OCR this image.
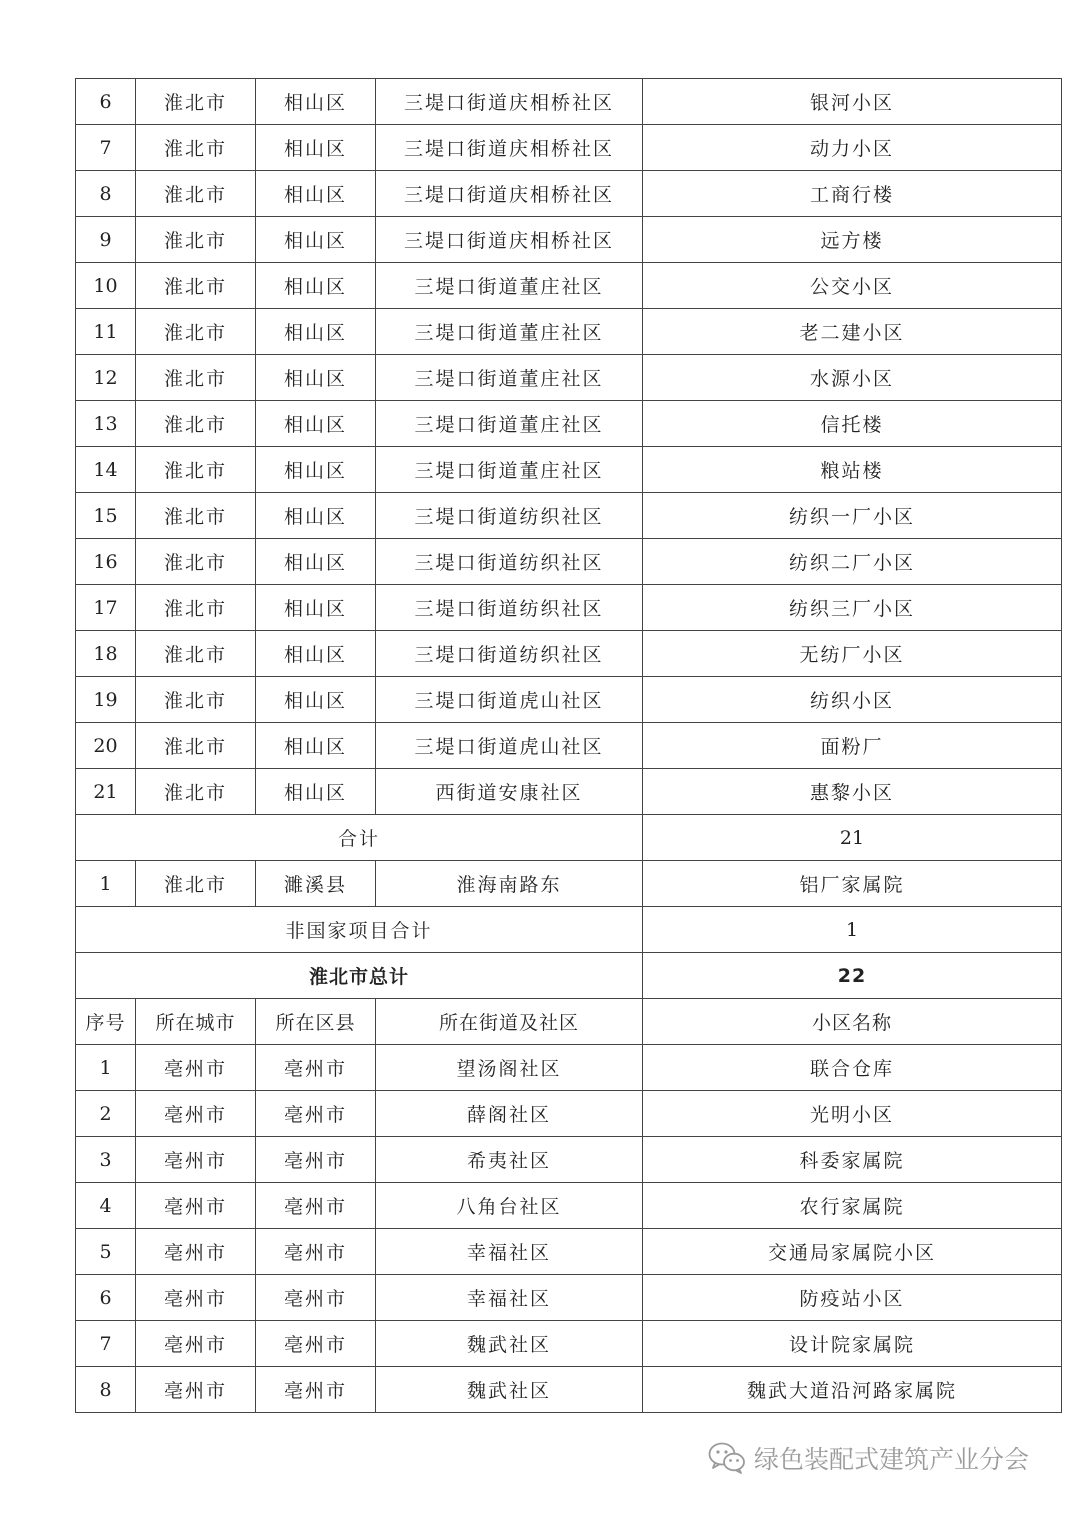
6	淮北市	相山区	三堤口街道庆相桥社区	银河小区
7	淮北市	相山区	三堤口街道庆相桥社区	动力小区
8	淮北市	相山区	三堤口街道庆相桥社区	工商行楼
9	淮北市	相山区	三堤口街道庆相桥社区	远方楼
10	淮北市	相山区	三堤口街道董庄社区	公交小区
11	淮北市	相山区	三堤口街道董庄社区	老二建小区
12	淮北市	相山区	三堤口街道董庄社区	水源小区
13	淮北市	相山区	三堤口街道董庄社区	信托楼
14	淮北市	相山区	三堤口街道董庄社区	粮站楼
15	淮北市	相山区	三堤口街道纺织社区	纺织一厂小区
16	淮北市	相山区	三堤口街道纺织社区	纺织二厂小区
17	淮北市	相山区	三堤口街道纺织社区	纺织三厂小区
18	淮北市	相山区	三堤口街道纺织社区	无纺厂小区
19	淮北市	相山区	三堤口街道虎山社区	纺织小区
20	淮北市	相山区	三堤口街道虎山社区	面粉厂
21	淮北市	相山区	西街道安康社区	惠黎小区
合计				21
1	淮北市	濉溪县	淮海南路东	铝厂家属院
非国家项目合计				1
淮北市总计				22
序号	所在城市	所在区县	所在街道及社区	小区名称
1	亳州市	亳州市	望汤阁社区	联合仓库
2	亳州市	亳州市	薛阁社区	光明小区
3	亳州市	亳州市	希夷社区	科委家属院
4	亳州市	亳州市	八角台社区	农行家属院
5	亳州市	亳州市	幸福社区	交通局家属院小区
6	亳州市	亳州市	幸福社区	防疫站小区
7	亳州市	亳州市	魏武社区	设计院家属院
8	亳州市	亳州市	魏武社区	魏武大道沿河路家属院
绿色装配式建筑产业分会
